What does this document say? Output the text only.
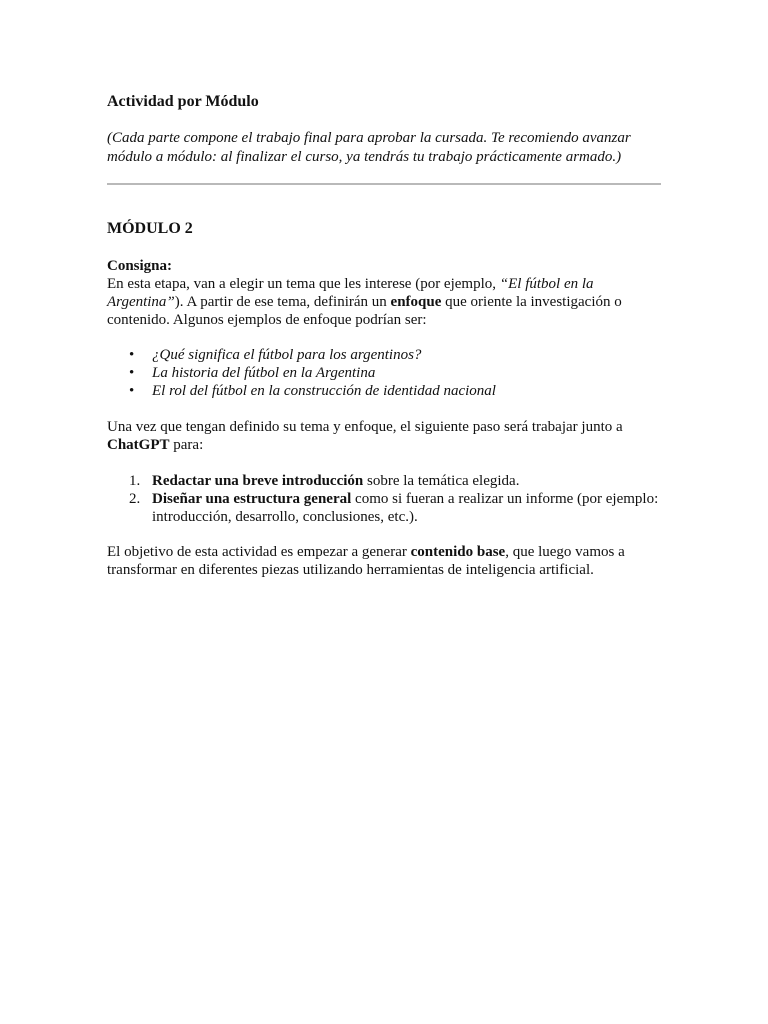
Actividad por Módulo

(Cada parte compone el trabajo final para aprobar la cursada. Te recomiendo avanzar módulo a módulo: al finalizar el curso, ya tendrás tu trabajo prácticamente armado.)

MÓDULO 2

Consigna:

En esta etapa, van a elegir un tema que les interese (por ejemplo, “El fútbol en la Argentina”). A partir de ese tema, definirán un enfoque que oriente la investigación o contenido. Algunos ejemplos de enfoque podrían ser:

• ¿Qué significa el fútbol para los argentinos?
• La historia del fútbol en la Argentina
• El rol del fútbol en la construcción de identidad nacional

Una vez que tengan definido su tema y enfoque, el siguiente paso será trabajar junto a ChatGPT para:

1. Redactar una breve introducción sobre la temática elegida.
2. Diseñar una estructura general como si fueran a realizar un informe (por ejemplo: introducción, desarrollo, conclusiones, etc.).

El objetivo de esta actividad es empezar a generar contenido base, que luego vamos a transformar en diferentes piezas utilizando herramientas de inteligencia artificial.
